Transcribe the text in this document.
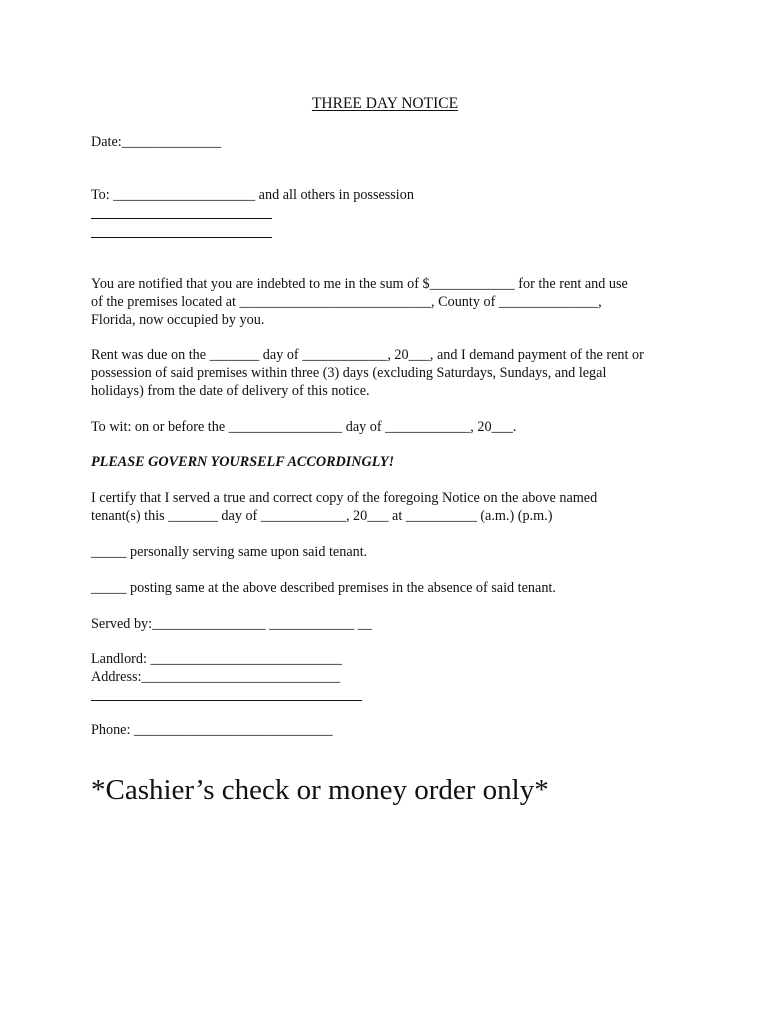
THREE DAY NOTICE
Date:______________
To: ____________________ and all others in possession
You are notified that you are indebted to me in the sum of $____________ for the rent and use
of the premises located at ___________________________, County of ______________,
Florida, now occupied by you.
Rent was due on the _______ day of ____________, 20___, and I demand payment of the rent or
possession of said premises within three (3) days (excluding Saturdays, Sundays, and legal
holidays) from the date of delivery of this notice.
To wit: on or before the ________________ day of ____________, 20___.
PLEASE GOVERN YOURSELF ACCORDINGLY!
I certify that I served a true and correct copy of the foregoing Notice on the above named
tenant(s) this _______ day of ____________, 20___ at __________ (a.m.) (p.m.)
_____ personally serving same upon said tenant.
_____ posting same at the above described premises in the absence of said tenant.
Served by:________________ ____________ __
Landlord: ___________________________
Address:____________________________
Phone: ____________________________
*Cashier’s check or money order only*
